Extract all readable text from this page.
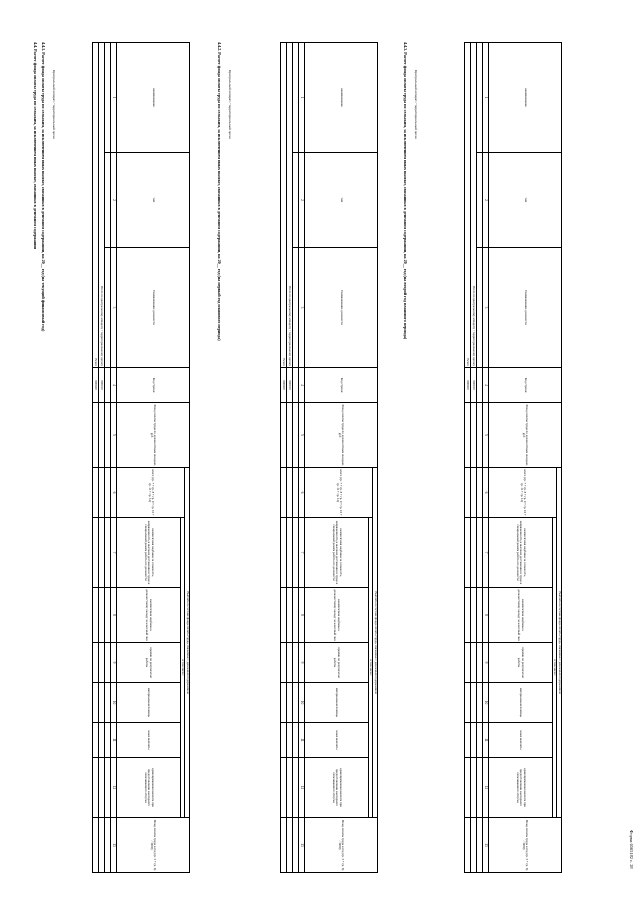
4.4. Расчет фонда оплаты труда по сельским, за исключением иных выплат, связанных в денежном содержании 4.4.1. Расчет фонда оплаты труда по сельским, за исключением иных выплат, связанных в денежном содержании, на 20__ год (на текущий финансовый год)
Форма 0505182 с. 28
Центральный аппарат / территориальный орган	наименование	тип	Наименование должности	Код строки	Фонд оплаты труда по должностным окладам, руб	Выплаты в составе фонда оплаты труда, связанные с денежным содержанием							Фонд оплаты труда в год (гр. 5 + гр. 6) / 1000)
					всего (гр. 7 + гр. 8 + гр. 9 + гр. 10 + гр. 11 + гр. 12)	в том числе:						
						ежемесячная надбавка за сложность, напряженность и высокие достижения в труде и специальный режим работы по должности	ежемесячная надбавка к должностному окладу за классный чин	премии по результатам работы	материальная помощь	иные выплаты	единовременная выплата при предоставлении ежегодного оплачиваемого отпуска	
1	2	3	4	5	6	7	8	9	10	11	12	13

Итого по центральному аппарату / территориальному органу			900010									
Всего			900020									
4.4.2. Расчет фонда оплаты труда по сельским, за исключением иных выплат, связанных в денежном содержании, на 20__ год (на первый год планового периода) Центральный аппарат / территориальный орган	наименование	тип	Наименование должности	Код строки	Фонд оплаты труда по должностным окладам, руб	Выплаты в составе фонда оплаты труда, связанные с денежным содержанием							Фонд оплаты труда в год (гр. 5 + гр. 6) / 1000)
					всего (гр. 7 + гр. 8 + гр. 9 + гр. 10 + гр. 11 + гр. 12)	в том числе:						
						ежемесячная надбавка за сложность, напряженность и высокие достижения в труде и специальный режим работы по должности	ежемесячная надбавка к должностному окладу за классный чин	премии по результатам работы	материальная помощь	иные выплаты	единовременная выплата при предоставлении ежегодного оплачиваемого отпуска	
1	2	3	4	5	6	7	8	9	10	11	12	13

Итого по центральному аппарату / территориальному органу			900010									
Всего			900020									
4.4.3. Расчет фонда оплаты труда по сельским, за исключением иных выплат, связанных в денежном содержании, на 20__ год (на второй год планового периода) Центральный аппарат / территориальный орган	наименование	тип	Наименование должности	Код строки	Фонд оплаты труда по должностным окладам, руб	Выплаты в составе фонда оплаты труда, связанные с денежным содержанием							Фонд оплаты труда в год (гр. 5 + гр. 6) / 1000)
					всего (гр. 7 + гр. 8 + гр. 9 + гр. 10 + гр. 11 + гр. 12)	в том числе:						
						ежемесячная надбавка за сложность, напряженность и высокие достижения в труде и специальный режим работы по должности	ежемесячная надбавка к должностному окладу за классный чин	премии по результатам работы	материальная помощь	иные выплаты	единовременная выплата при предоставлении ежегодного оплачиваемого отпуска	
1	2	3	4	5	6	7	8	9	10	11	12	13

Итого по центральному аппарату / территориальному органу			900010									
Всего			900020									
